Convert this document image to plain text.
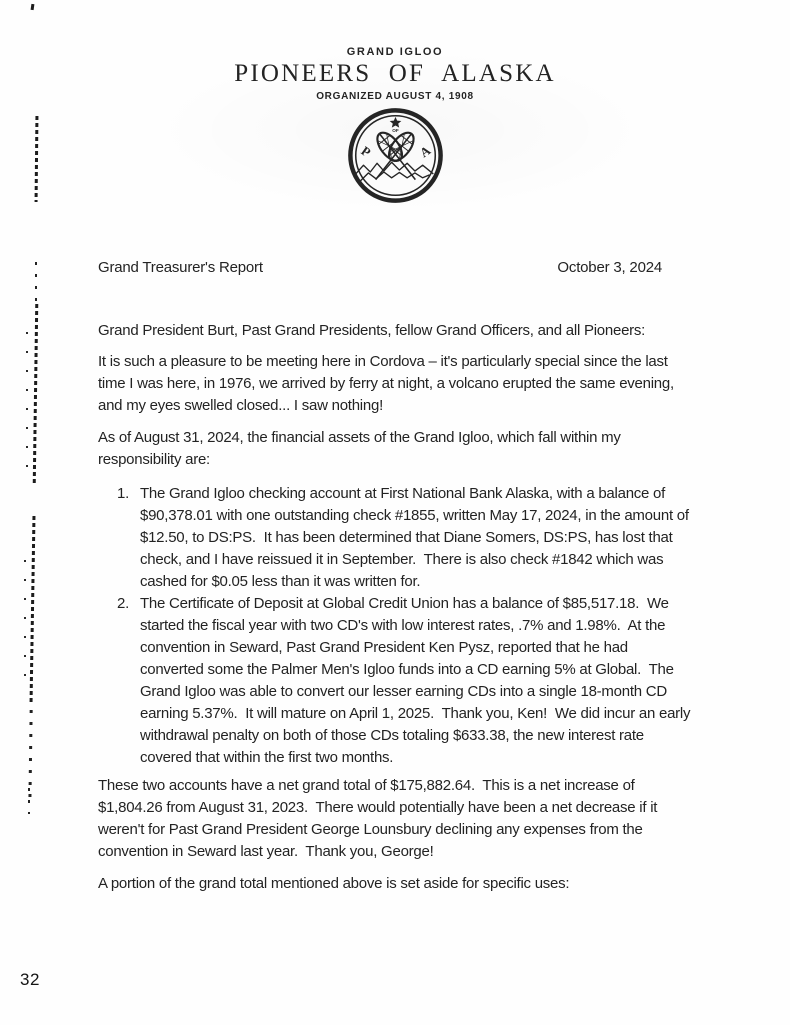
GRAND IGLOO
PIONEERS OF ALASKA
ORGANIZED AUGUST 4, 1908
OF
P	A
Grand Treasurer's Report	October 3, 2024

Grand President Burt, Past Grand Presidents, fellow Grand Officers, and all Pioneers:

It is such a pleasure to be meeting here in Cordova – it's particularly special since the last time I was here, in 1976, we arrived by ferry at night, a volcano erupted the same evening, and my eyes swelled closed... I saw nothing!

As of August 31, 2024, the financial assets of the Grand Igloo, which fall within my responsibility are:

1. The Grand Igloo checking account at First National Bank Alaska, with a balance of $90,378.01 with one outstanding check #1855, written May 17, 2024, in the amount of $12.50, to DS:PS.  It has been determined that Diane Somers, DS:PS, has lost that check, and I have reissued it in September.  There is also check #1842 which was cashed for $0.05 less than it was written for.
2. The Certificate of Deposit at Global Credit Union has a balance of $85,517.18.  We started the fiscal year with two CD's with low interest rates, .7% and 1.98%.  At the convention in Seward, Past Grand President Ken Pysz, reported that he had converted some the Palmer Men's Igloo funds into a CD earning 5% at Global.  The Grand Igloo was able to convert our lesser earning CDs into a single 18-month CD earning 5.37%.  It will mature on April 1, 2025.  Thank you, Ken!  We did incur an early withdrawal penalty on both of those CDs totaling $633.38, the new interest rate covered that within the first two months.

These two accounts have a net grand total of $175,882.64.  This is a net increase of $1,804.26 from August 31, 2023.  There would potentially have been a net decrease if it weren't for Past Grand President George Lounsbury declining any expenses from the convention in Seward last year.  Thank you, George!

A portion of the grand total mentioned above is set aside for specific uses:

32
